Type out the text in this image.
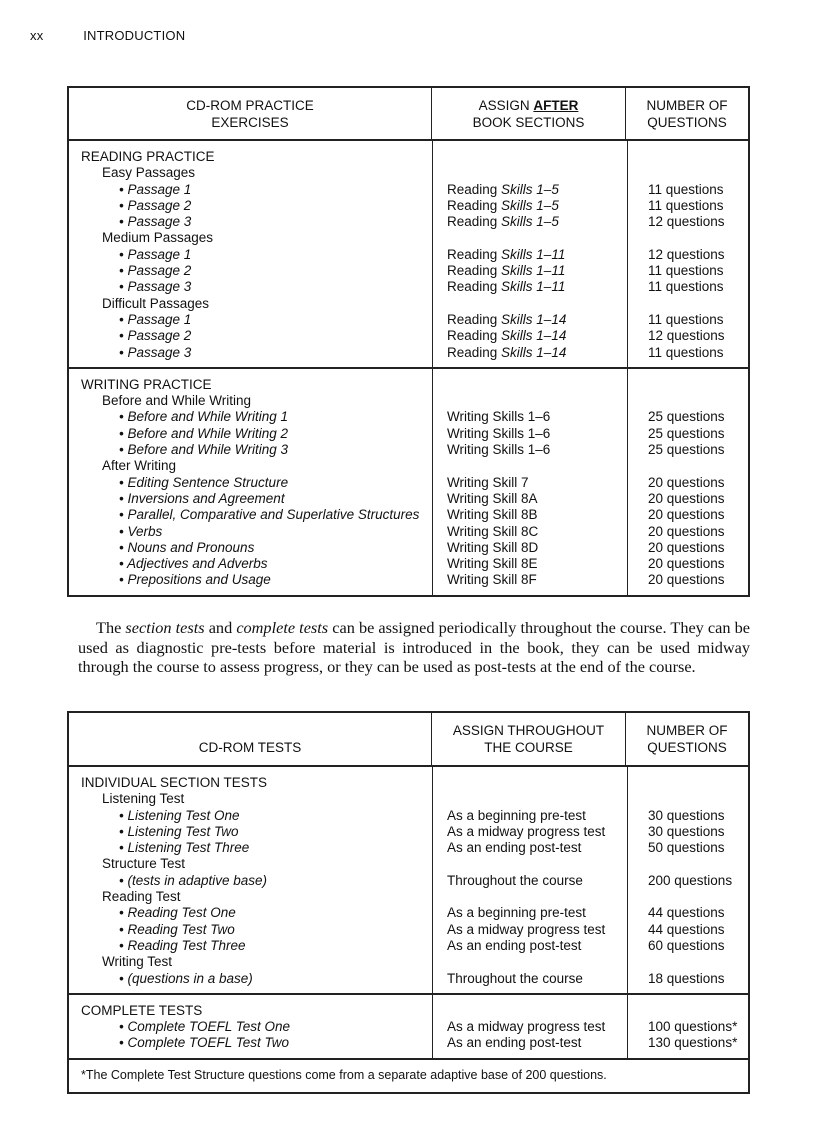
xx	INTRODUCTION
CD-ROM PRACTICE
EXERCISES
ASSIGN AFTER
BOOK SECTIONS
NUMBER OF
QUESTIONS
READING PRACTICE
Easy Passages
• Passage 1
• Passage 2
• Passage 3
Medium Passages
• Passage 1
• Passage 2
• Passage 3
Difficult Passages
• Passage 1
• Passage 2
• Passage 3
Reading Skills 1–5
Reading Skills 1–5
Reading Skills 1–5
Reading Skills 1–11
Reading Skills 1–11
Reading Skills 1–11
Reading Skills 1–14
Reading Skills 1–14
Reading Skills 1–14
11 questions
11 questions
12 questions
12 questions
11 questions
11 questions
11 questions
12 questions
11 questions
WRITING PRACTICE
Before and While Writing
• Before and While Writing 1
• Before and While Writing 2
• Before and While Writing 3
After Writing
• Editing Sentence Structure
• Inversions and Agreement
• Parallel, Comparative and Superlative Structures
• Verbs
• Nouns and Pronouns
• Adjectives and Adverbs
• Prepositions and Usage
Writing Skills 1–6
Writing Skills 1–6
Writing Skills 1–6
Writing Skill 7
Writing Skill 8A
Writing Skill 8B
Writing Skill 8C
Writing Skill 8D
Writing Skill 8E
Writing Skill 8F
25 questions
25 questions
25 questions
20 questions
20 questions
20 questions
20 questions
20 questions
20 questions
20 questions
The section tests and complete tests can be assigned periodically throughout the course. They can be used as diagnostic pre-tests before material is introduced in the book, they can be used midway through the course to assess progress, or they can be used as post-tests at the end of the course.
CD-ROM TESTS
ASSIGN THROUGHOUT
THE COURSE
NUMBER OF
QUESTIONS
INDIVIDUAL SECTION TESTS
Listening Test
• Listening Test One
• Listening Test Two
• Listening Test Three
Structure Test
• (tests in adaptive base)
Reading Test
• Reading Test One
• Reading Test Two
• Reading Test Three
Writing Test
• (questions in a base)
As a beginning pre-test
As a midway progress test
As an ending post-test
Throughout the course
As a beginning pre-test
As a midway progress test
As an ending post-test
Throughout the course
30 questions
30 questions
50 questions
200 questions
44 questions
44 questions
60 questions
18 questions
COMPLETE TESTS
• Complete TOEFL Test One
• Complete TOEFL Test Two
As a midway progress test
As an ending post-test
100 questions*
130 questions*
*The Complete Test Structure questions come from a separate adaptive base of 200 questions.
